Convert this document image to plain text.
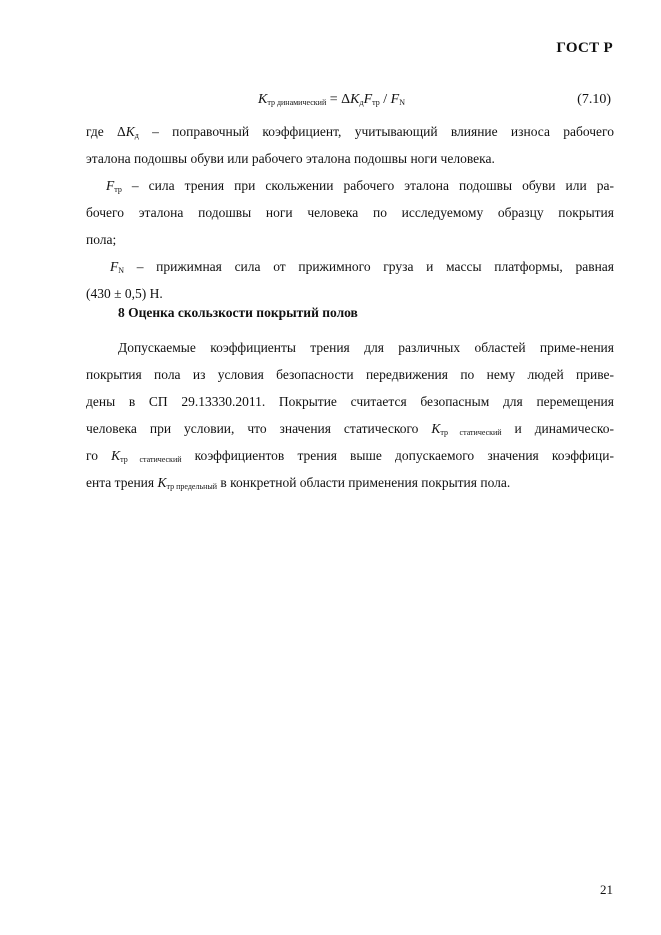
ГОСТ Р
$K_{тр динамический} = \Delta K_дF_{тр} / F_N$	(7.10)

где $\Delta K_д$ – поправочный коэффициент, учитывающий влияние износа рабочего

эталона подошвы обуви или рабочего эталона подошвы ноги человека.

$F_{тр}$ – сила трения при скольжении рабочего эталона подошвы обуви или ра-

бочего эталона подошвы ноги человека по исследуемому образцу покрытия

пола;

$F_N$ – прижимная сила от прижимного груза и массы платформы, равная

(430 ± 0,5) Н.

8 Оценка скользкости покрытий полов

Допускаемые коэффициенты трения для различных областей приме-нения

покрытия пола из условия безопасности передвижения по нему людей приве-

дены в СП 29.13330.2011. Покрытие считается безопасным для перемещения

человека при условии, что значения статического $K_{тр статический}$ и динамическо-

го $K_{тр статический}$ коэффициентов трения выше допускаемого значения коэффици-

ента трения $K_{тр предельный}$ в конкретной области применения покрытия пола.

21
